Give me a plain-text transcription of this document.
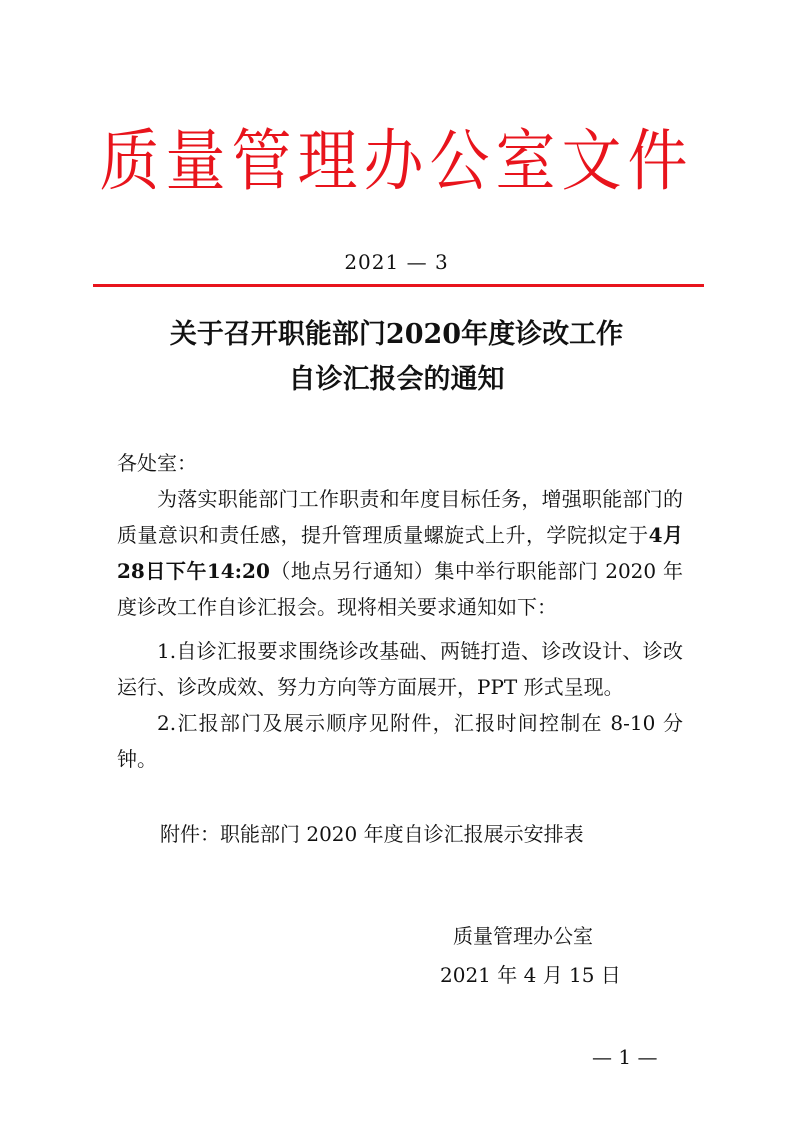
质量管理办公室文件
2021 — 3
关于召开职能部门2020年度诊改工作
自诊汇报会的通知
各处室：
为落实职能部门工作职责和年度目标任务，增强职能部门的质量意识和责任感，提升管理质量螺旋式上升，学院拟定于4月28日下午14:20（地点另行通知）集中举行职能部门 2020 年度诊改工作自诊汇报会。现将相关要求通知如下：
1.自诊汇报要求围绕诊改基础、两链打造、诊改设计、诊改运行、诊改成效、努力方向等方面展开，PPT 形式呈现。
2.汇报部门及展示顺序见附件，汇报时间控制在 8-10 分钟。
附件：职能部门 2020 年度自诊汇报展示安排表
质量管理办公室
2021 年 4 月 15 日
— 1 —
